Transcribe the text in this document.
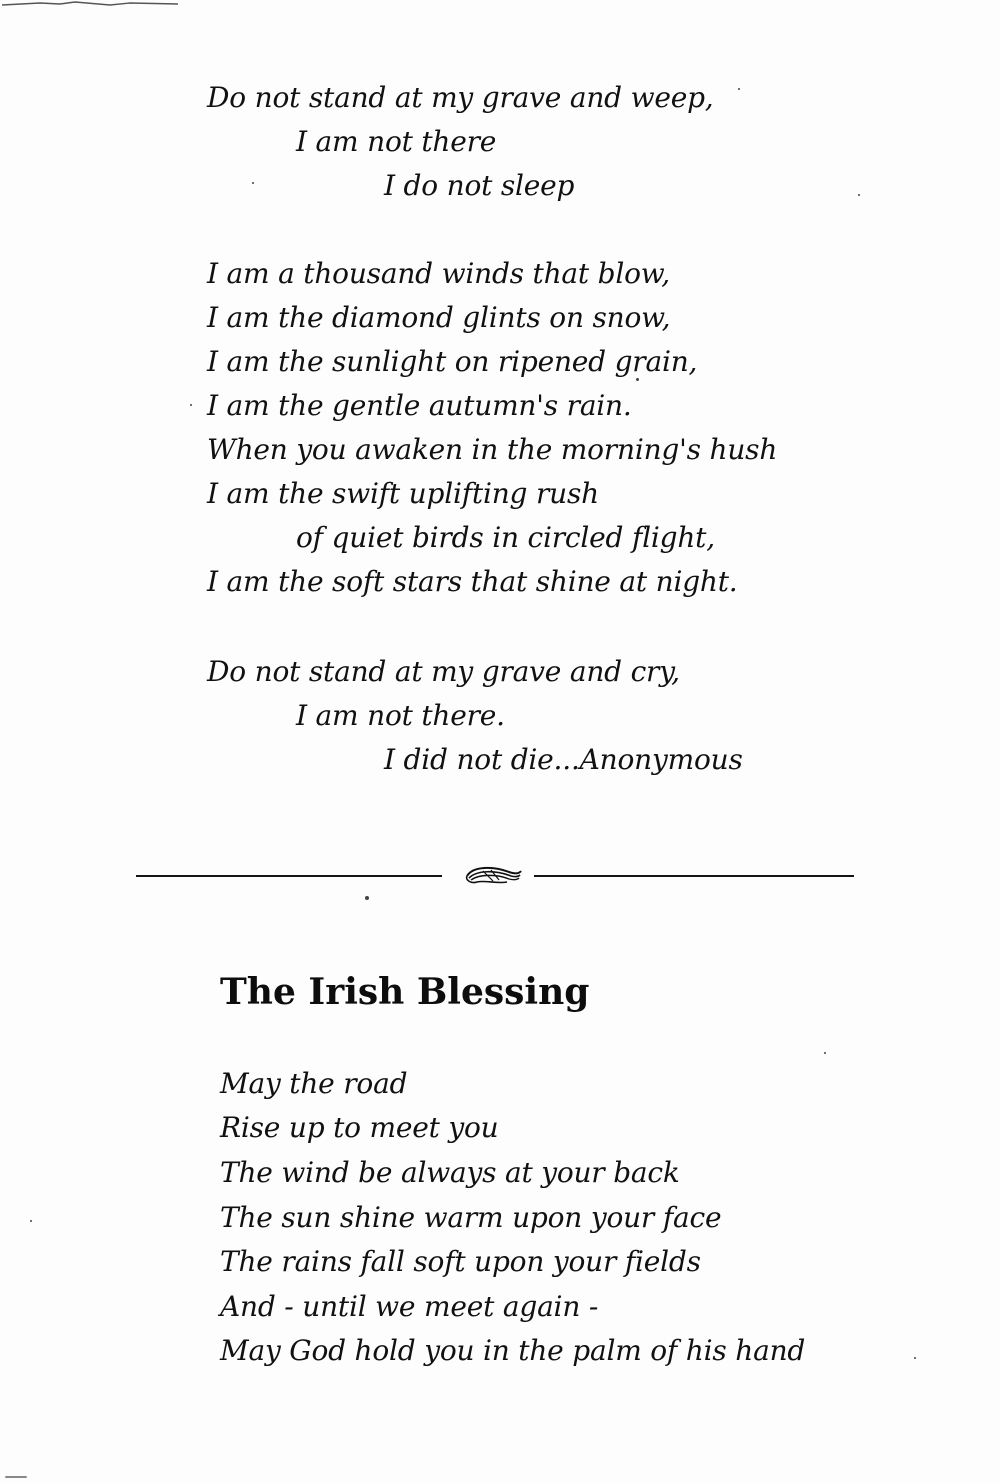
Do not stand at my grave and weep,
I am not there
I do not sleep
I am a thousand winds that blow,
I am the diamond glints on snow,
I am the sunlight on ripened grain,
I am the gentle autumn's rain.
When you awaken in the morning's hush
I am the swift uplifting rush
of quiet birds in circled flight,
I am the soft stars that shine at night.
Do not stand at my grave and cry,
I am not there.
I did not die...Anonymous
The Irish Blessing
May the road
Rise up to meet you
The wind be always at your back
The sun shine warm upon your face
The rains fall soft upon your fields
And - until we meet again -
May God hold you in the palm of his hand
